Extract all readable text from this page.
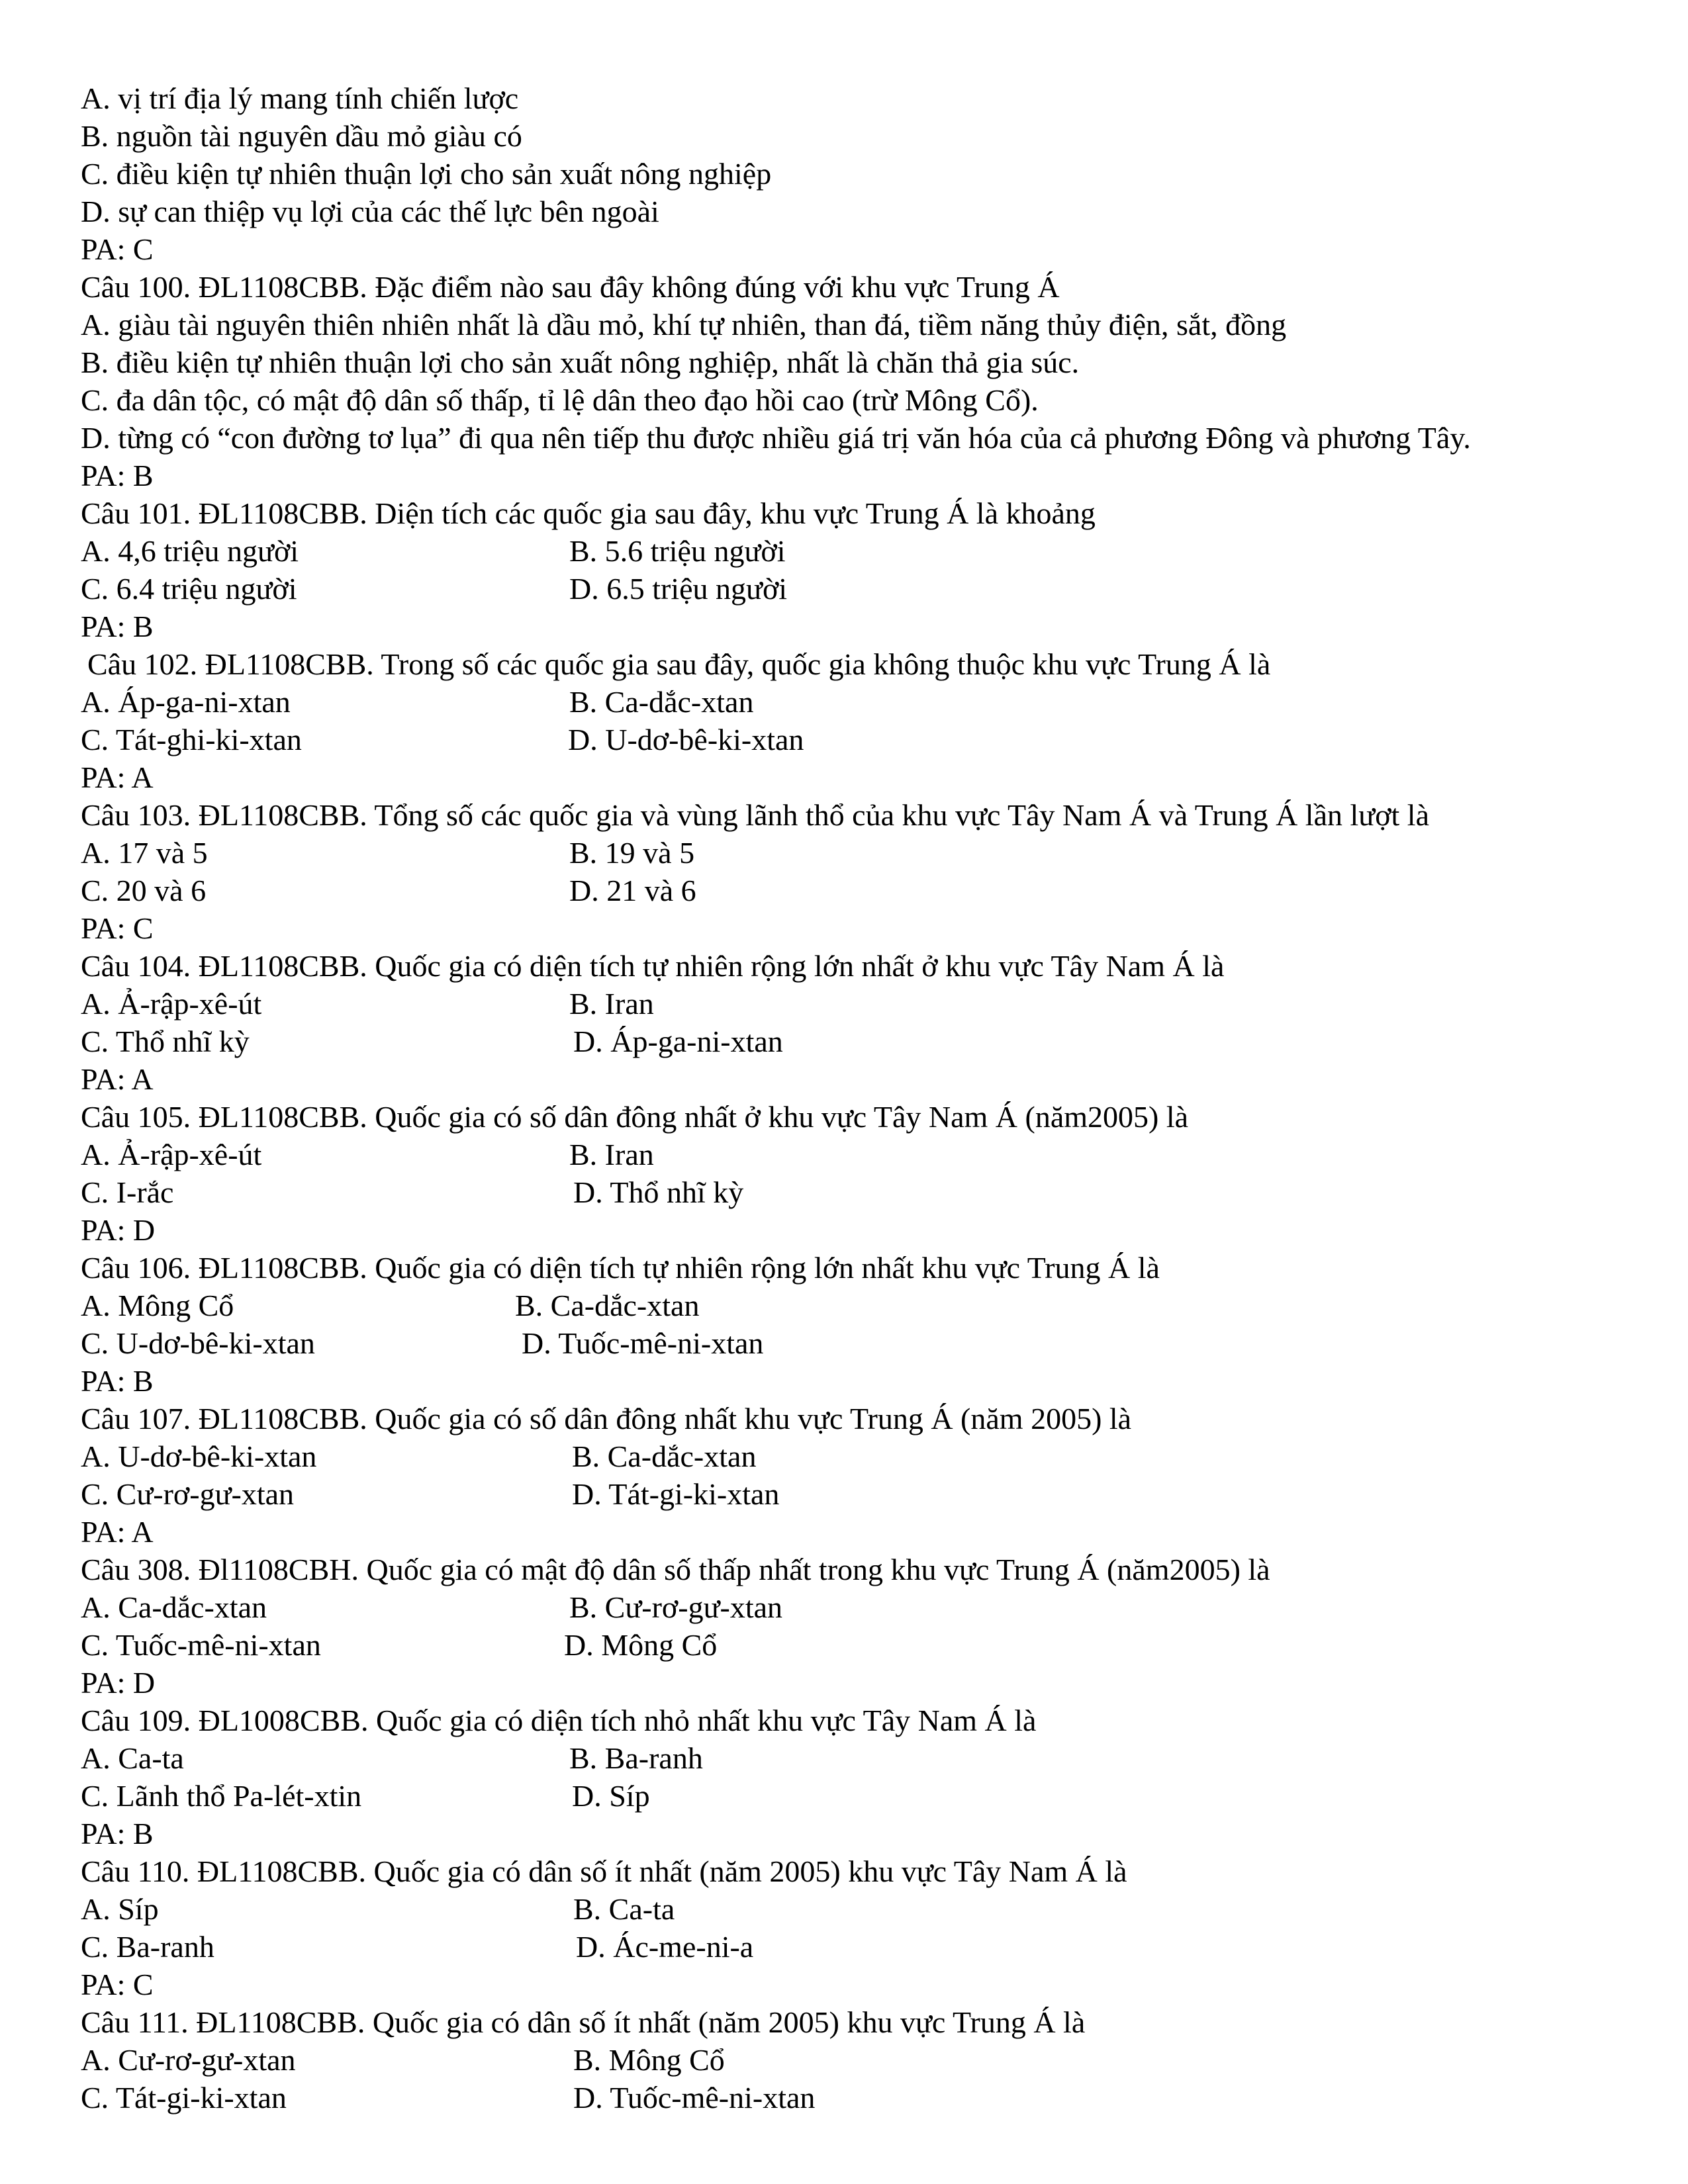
A. vị trí địa lý mang tính chiến lược
B. nguồn tài nguyên dầu mỏ giàu có
C. điều kiện tự nhiên thuận lợi cho sản xuất nông nghiệp
D. sự can thiệp vụ lợi của các thế lực bên ngoài
PA: C
Câu 100. ĐL1108CBB. Đặc điểm nào sau đây không đúng với khu vực Trung Á
A. giàu tài nguyên thiên nhiên nhất là dầu mỏ, khí tự nhiên, than đá, tiềm năng thủy điện, sắt, đồng
B. điều kiện tự nhiên thuận lợi cho sản xuất nông nghiệp, nhất là chăn thả gia súc.
C. đa dân tộc, có mật độ dân số thấp, tỉ lệ dân theo đạo hồi cao (trừ Mông Cổ).
D. từng có “con đường tơ lụa” đi qua nên tiếp thu được nhiều giá trị văn hóa của cả phương Đông và phương Tây.
PA: B
Câu 101. ĐL1108CBB. Diện tích các quốc gia sau đây, khu vực Trung Á là khoảng
A. 4,6 triệu người	B. 5.6 triệu người
C. 6.4 triệu người	D. 6.5 triệu người
PA: B
Câu 102. ĐL1108CBB. Trong số các quốc gia sau đây, quốc gia không thuộc khu vực Trung Á là
A. Áp-ga-ni-xtan	B. Ca-dắc-xtan
C. Tát-ghi-ki-xtan	D. U-dơ-bê-ki-xtan
PA: A
Câu 103. ĐL1108CBB. Tổng số các quốc gia và vùng lãnh thổ của khu vực Tây Nam Á và Trung Á lần lượt là
A. 17 và 5	B. 19 và 5
C. 20 và 6	D. 21 và 6
PA: C
Câu 104. ĐL1108CBB. Quốc gia có diện tích tự nhiên rộng lớn nhất ở khu vực Tây Nam Á là
A. Ả-rập-xê-út	B. Iran
C. Thổ nhĩ kỳ	D. Áp-ga-ni-xtan
PA: A
Câu 105. ĐL1108CBB. Quốc gia có số dân đông nhất ở khu vực Tây Nam Á (năm2005) là
A. Ả-rập-xê-út	B. Iran
C. I-rắc	D. Thổ nhĩ kỳ
PA: D
Câu 106. ĐL1108CBB. Quốc gia có diện tích tự nhiên rộng lớn nhất khu vực Trung Á là
A. Mông Cổ	B. Ca-dắc-xtan
C. U-dơ-bê-ki-xtan	D. Tuốc-mê-ni-xtan
PA: B
Câu 107. ĐL1108CBB. Quốc gia có số dân đông nhất khu vực Trung Á (năm 2005) là
A. U-dơ-bê-ki-xtan	B. Ca-dắc-xtan
C. Cư-rơ-gư-xtan	D. Tát-gi-ki-xtan
PA: A
Câu 308. Đl1108CBH. Quốc gia có mật độ dân số thấp nhất trong khu vực Trung Á (năm2005) là
A. Ca-dắc-xtan	B. Cư-rơ-gư-xtan
C. Tuốc-mê-ni-xtan	D. Mông Cổ
PA: D
Câu 109. ĐL1008CBB. Quốc gia có diện tích nhỏ nhất khu vực Tây Nam Á là
A. Ca-ta	B. Ba-ranh
C. Lãnh thổ Pa-lét-xtin	D. Síp
PA: B
Câu 110. ĐL1108CBB. Quốc gia có dân số ít nhất (năm 2005) khu vực Tây Nam Á là
A. Síp	B. Ca-ta
C. Ba-ranh	D. Ác-me-ni-a
PA: C
Câu 111. ĐL1108CBB. Quốc gia có dân số ít nhất (năm 2005) khu vực Trung Á là
A. Cư-rơ-gư-xtan	B. Mông Cổ
C. Tát-gi-ki-xtan	D. Tuốc-mê-ni-xtan
